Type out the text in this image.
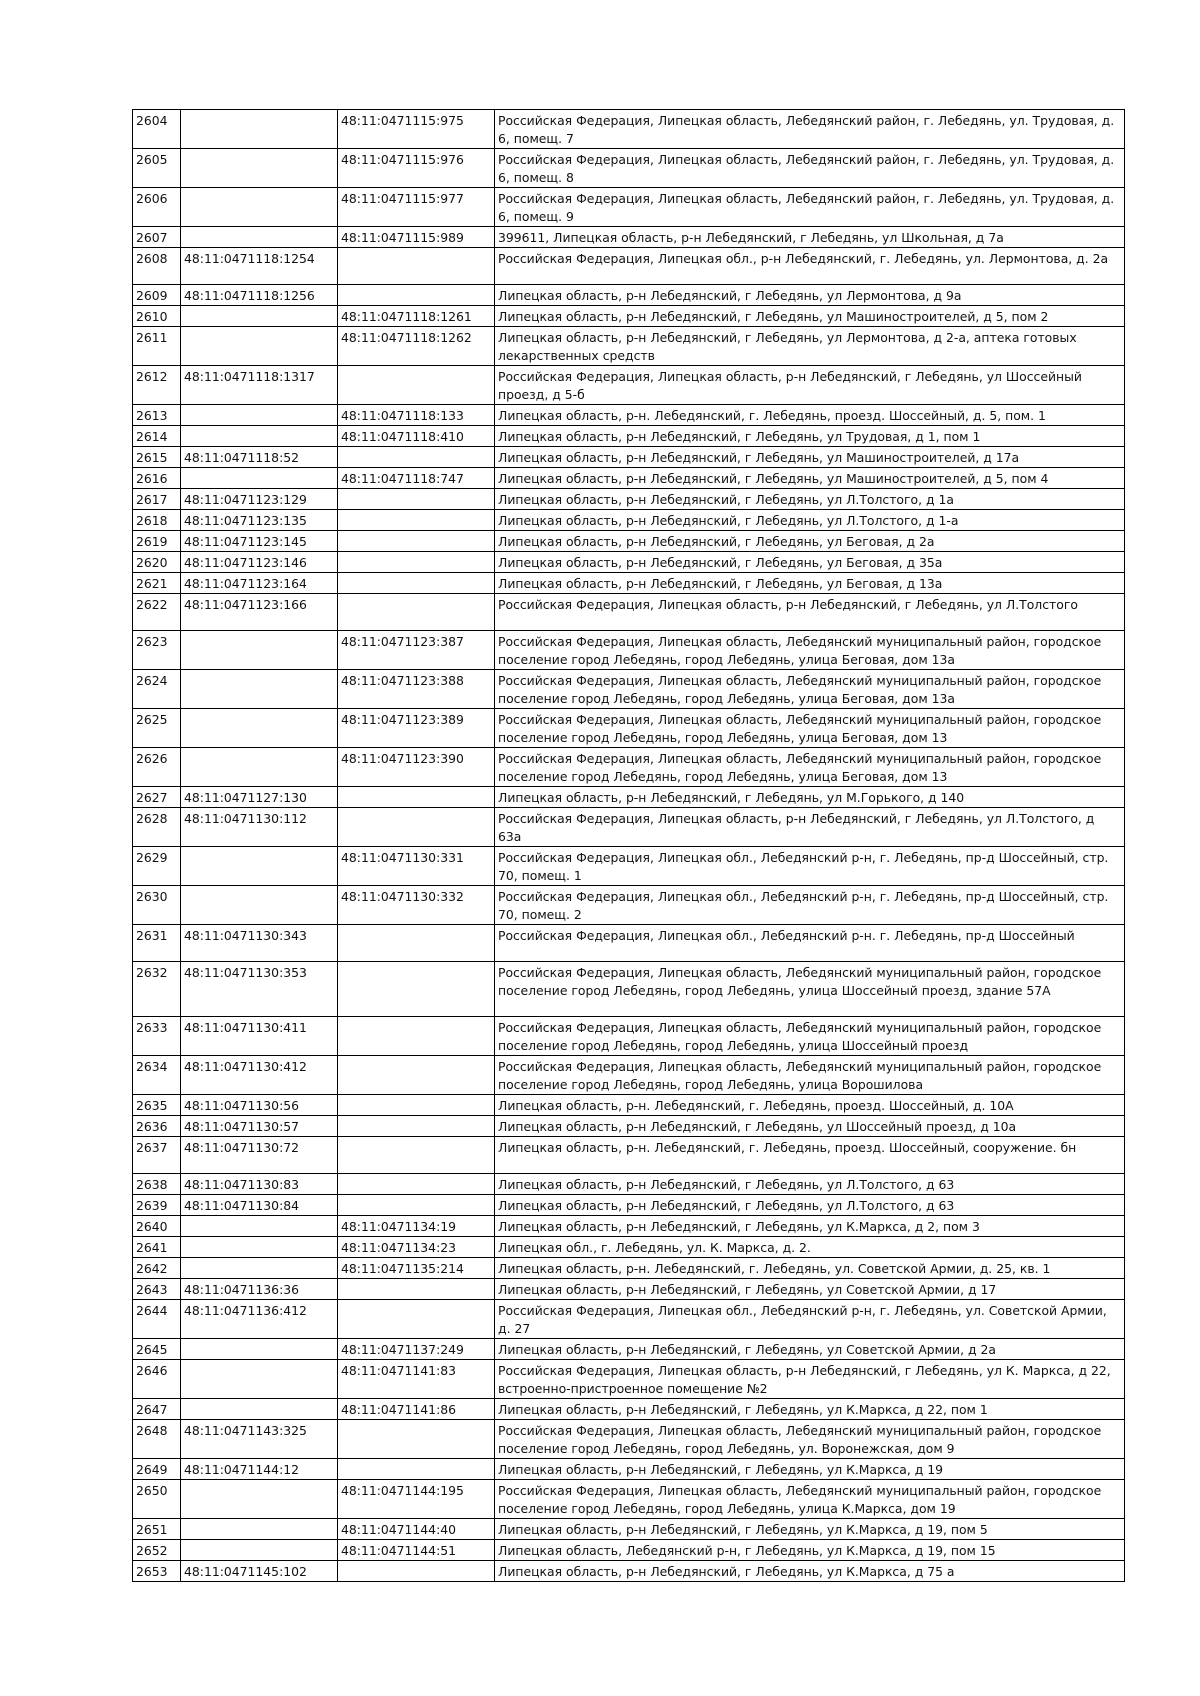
2604		48:11:0471115:975	Российская Федерация, Липецкая область, Лебедянский район, г. Лебедянь, ул. Трудовая, д. 6, помещ. 7
2605		48:11:0471115:976	Российская Федерация, Липецкая область, Лебедянский район, г. Лебедянь, ул. Трудовая, д. 6, помещ. 8
2606		48:11:0471115:977	Российская Федерация, Липецкая область, Лебедянский район, г. Лебедянь, ул. Трудовая, д. 6, помещ. 9
2607		48:11:0471115:989	399611, Липецкая область, р-н Лебедянский, г Лебедянь, ул Школьная, д 7а
2608	48:11:0471118:1254		Российская Федерация, Липецкая обл., р-н Лебедянский, г. Лебедянь, ул. Лермонтова, д. 2а
2609	48:11:0471118:1256		Липецкая область, р-н Лебедянский, г Лебедянь, ул Лермонтова, д 9а
2610		48:11:0471118:1261	Липецкая область, р-н Лебедянский, г Лебедянь, ул Машиностроителей, д 5, пом 2
2611		48:11:0471118:1262	Липецкая область, р-н Лебедянский, г Лебедянь, ул Лермонтова, д 2-а, аптека готовых лекарственных средств
2612	48:11:0471118:1317		Российская Федерация, Липецкая область, р-н Лебедянский, г Лебедянь, ул Шоссейный проезд, д 5-б
2613		48:11:0471118:133	Липецкая область, р-н. Лебедянский, г. Лебедянь, проезд. Шоссейный, д. 5, пом. 1
2614		48:11:0471118:410	Липецкая область, р-н Лебедянский, г Лебедянь, ул Трудовая, д 1, пом 1
2615	48:11:0471118:52		Липецкая область, р-н Лебедянский, г Лебедянь, ул Машиностроителей, д 17а
2616		48:11:0471118:747	Липецкая область, р-н Лебедянский, г Лебедянь, ул Машиностроителей, д 5, пом 4
2617	48:11:0471123:129		Липецкая область, р-н Лебедянский, г Лебедянь, ул Л.Толстого, д 1а
2618	48:11:0471123:135		Липецкая область, р-н Лебедянский, г Лебедянь, ул Л.Толстого, д 1-а
2619	48:11:0471123:145		Липецкая область, р-н Лебедянский, г Лебедянь, ул Беговая, д 2а
2620	48:11:0471123:146		Липецкая область, р-н Лебедянский, г Лебедянь, ул Беговая, д 35а
2621	48:11:0471123:164		Липецкая область, р-н Лебедянский, г Лебедянь, ул Беговая, д 13а
2622	48:11:0471123:166		Российская Федерация, Липецкая область, р-н Лебедянский, г Лебедянь, ул Л.Толстого
2623		48:11:0471123:387	Российская Федерация, Липецкая область, Лебедянский муниципальный район, городское поселение город Лебедянь, город Лебедянь, улица Беговая, дом 13а
2624		48:11:0471123:388	Российская Федерация, Липецкая область, Лебедянский муниципальный район, городское поселение город Лебедянь, город Лебедянь, улица Беговая, дом 13а
2625		48:11:0471123:389	Российская Федерация, Липецкая область, Лебедянский муниципальный район, городское поселение город Лебедянь, город Лебедянь, улица Беговая, дом 13
2626		48:11:0471123:390	Российская Федерация, Липецкая область, Лебедянский муниципальный район, городское поселение город Лебедянь, город Лебедянь, улица Беговая, дом 13
2627	48:11:0471127:130		Липецкая область, р-н Лебедянский, г Лебедянь, ул М.Горького, д 140
2628	48:11:0471130:112		Российская Федерация, Липецкая область, р-н Лебедянский, г Лебедянь, ул Л.Толстого, д 63а
2629		48:11:0471130:331	Российская Федерация, Липецкая обл., Лебедянский р-н, г. Лебедянь, пр-д Шоссейный, стр. 70, помещ. 1
2630		48:11:0471130:332	Российская Федерация, Липецкая обл., Лебедянский р-н, г. Лебедянь, пр-д Шоссейный, стр. 70, помещ. 2
2631	48:11:0471130:343		Российская Федерация, Липецкая обл., Лебедянский р-н. г. Лебедянь, пр-д Шоссейный
2632	48:11:0471130:353		Российская Федерация, Липецкая область, Лебедянский муниципальный район, городское поселение город Лебедянь, город Лебедянь, улица Шоссейный проезд, здание 57А
2633	48:11:0471130:411		Российская Федерация, Липецкая область, Лебедянский муниципальный район, городское поселение город Лебедянь, город Лебедянь, улица Шоссейный проезд
2634	48:11:0471130:412		Российская Федерация, Липецкая область, Лебедянский муниципальный район, городское поселение город Лебедянь, город Лебедянь, улица Ворошилова
2635	48:11:0471130:56		Липецкая область, р-н. Лебедянский, г. Лебедянь, проезд. Шоссейный, д. 10А
2636	48:11:0471130:57		Липецкая область, р-н Лебедянский, г Лебедянь, ул Шоссейный проезд, д 10а
2637	48:11:0471130:72		Липецкая область, р-н. Лебедянский, г. Лебедянь, проезд. Шоссейный, сооружение. бн
2638	48:11:0471130:83		Липецкая область, р-н Лебедянский, г Лебедянь, ул Л.Толстого, д 63
2639	48:11:0471130:84		Липецкая область, р-н Лебедянский, г Лебедянь, ул Л.Толстого, д 63
2640		48:11:0471134:19	Липецкая область, р-н Лебедянский, г Лебедянь, ул К.Маркса, д 2, пом 3
2641		48:11:0471134:23	Липецкая обл., г. Лебедянь, ул. К. Маркса, д. 2.
2642		48:11:0471135:214	Липецкая область, р-н. Лебедянский, г. Лебедянь, ул. Советской Армии, д. 25, кв. 1
2643	48:11:0471136:36		Липецкая область, р-н Лебедянский, г Лебедянь, ул Советской Армии, д 17
2644	48:11:0471136:412		Российская Федерация, Липецкая обл., Лебедянский р-н, г. Лебедянь, ул. Советской Армии, д. 27
2645		48:11:0471137:249	Липецкая область, р-н Лебедянский, г Лебедянь, ул Советской Армии, д 2а
2646		48:11:0471141:83	Российская Федерация, Липецкая область, р-н Лебедянский, г Лебедянь, ул К. Маркса, д 22, встроенно-пристроенное помещение №2
2647		48:11:0471141:86	Липецкая область, р-н Лебедянский, г Лебедянь, ул К.Маркса, д 22, пом 1
2648	48:11:0471143:325		Российская Федерация, Липецкая область, Лебедянский муниципальный район, городское поселение город Лебедянь, город Лебедянь, ул. Воронежская, дом 9
2649	48:11:0471144:12		Липецкая область, р-н Лебедянский, г Лебедянь, ул К.Маркса, д 19
2650		48:11:0471144:195	Российская Федерация, Липецкая область, Лебедянский муниципальный район, городское поселение город Лебедянь, город Лебедянь, улица К.Маркса, дом 19
2651		48:11:0471144:40	Липецкая область, р-н Лебедянский, г Лебедянь, ул К.Маркса, д 19, пом 5
2652		48:11:0471144:51	Липецкая область, Лебедянский р-н, г Лебедянь, ул К.Маркса, д 19, пом 15
2653	48:11:0471145:102		Липецкая область, р-н Лебедянский, г Лебедянь, ул К.Маркса, д 75 а
